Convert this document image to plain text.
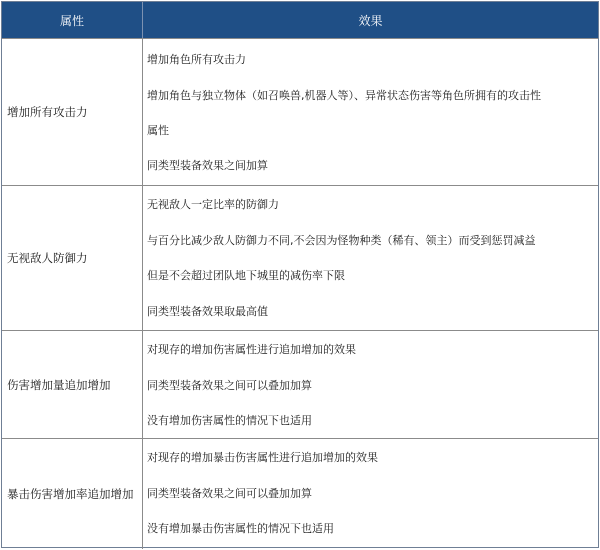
属性	效果
增加所有攻击力
增加角色所有攻击力
增加角色与独立物体（如召唤兽,机器人等）、异常状态伤害等角色所拥有的攻击性
属性
同类型装备效果之间加算
无视敌人防御力
无视敌人一定比率的防御力
与百分比减少敌人防御力不同,不会因为怪物种类（稀有、领主）而受到惩罚减益
但是不会超过团队地下城里的减伤率下限
同类型装备效果取最高值
伤害增加量追加增加
对现存的增加伤害属性进行追加增加的效果
同类型装备效果之间可以叠加加算
没有增加伤害属性的情况下也适用
暴击伤害增加率追加增加
对现存的增加暴击伤害属性进行追加增加的效果
同类型装备效果之间可以叠加加算
没有增加暴击伤害属性的情况下也适用
